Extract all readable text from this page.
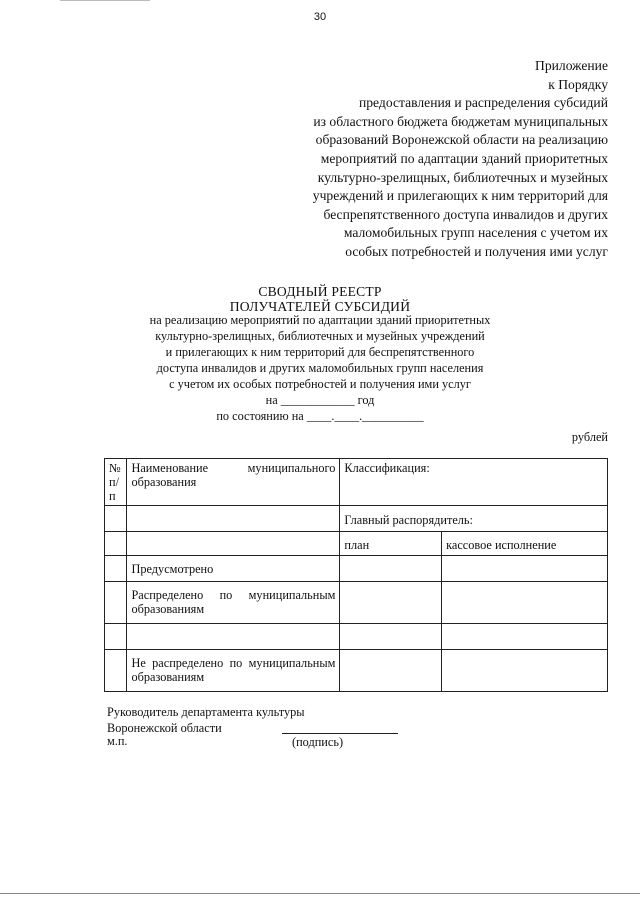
30
Приложение
к Порядку
предоставления и распределения субсидий
из областного бюджета бюджетам муниципальных
образований Воронежской области на реализацию
мероприятий по адаптации зданий приоритетных
культурно-зрелищных, библиотечных и музейных
учреждений и прилегающих к ним территорий для
беспрепятственного доступа инвалидов и других
маломобильных групп населения с учетом их
особых потребностей и получения ими услуг
СВОДНЫЙ РЕЕСТР
ПОЛУЧАТЕЛЕЙ СУБСИДИЙ
на реализацию мероприятий по адаптации зданий приоритетных
культурно-зрелищных, библиотечных и музейных учреждений
и прилегающих к ним территорий для беспрепятственного
доступа инвалидов и других маломобильных групп населения
с учетом их особых потребностей и получения ими услуг
на ____________ год
по состоянию на ____.____.__________
рублей
№ п/п	Наименование муниципального образования	Классификация:	
		Главный распорядитель:	
		план	кассовое исполнение
	Предусмотрено		
	Распределено по муниципальным образованиям		

	Не распределено по муниципальным образованиям		
Руководитель департамента культуры
Воронежской области
м.п.	(подпись)
